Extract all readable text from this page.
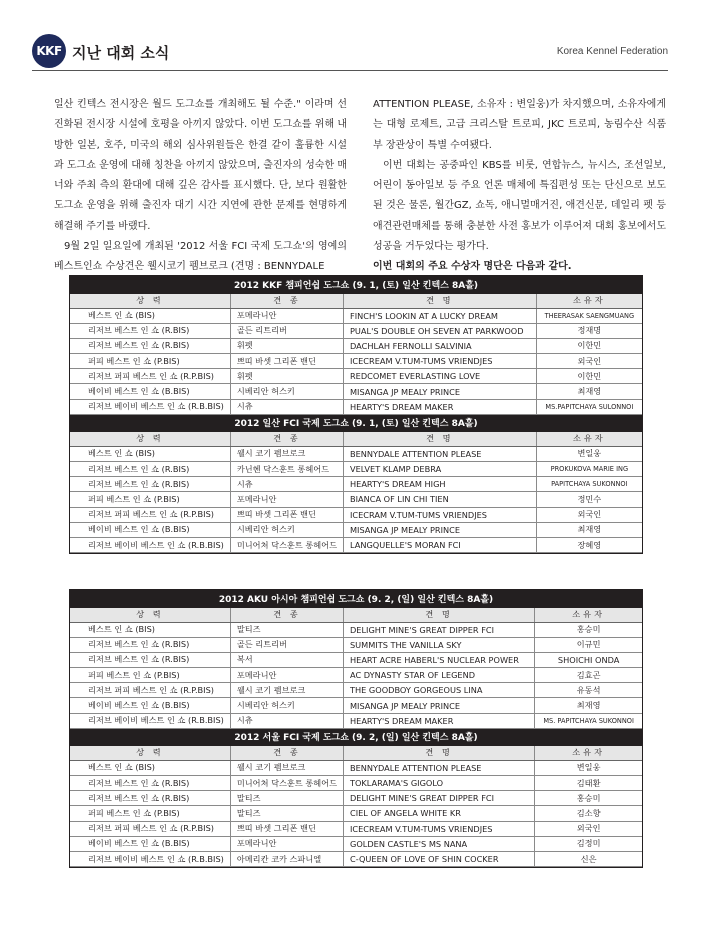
KKF 지난 대회 소식	Korea Kennel Federation

일산 킨텍스 전시장은 월드 도그쇼를 개최해도 될 수준." 이라며 선진화된 전시장 시설에 호평을 아끼지 않았다. 이번 도그쇼를 위해 내방한 일본, 호주, 미국의 해외 심사위원들은 한결 같이 훌륭한 시설과 도그쇼 운영에 대해 칭찬을 아끼지 않았으며, 출진자의 성숙한 매너와 주최 측의 환대에 대해 깊은 감사를 표시했다. 단, 보다 원활한 도그쇼 운영을 위해 출진자 대기 시간 지연에 관한 문제를 현명하게 해결해 주기를 바랬다.

9월 2일 일요일에 개최된 '2012 서울 FCI 국제 도그쇼'의 영예의 베스트인쇼 수상견은 웰시코기 펨브로크 (견명 : BENNYDALE

ATTENTION PLEASE, 소유자 : 변일웅)가 차지했으며, 소유자에게는 대형 로제트, 고급 크리스탈 트로피, JKC 트로피, 농림수산 식품부 장관상이 특별 수여됐다.

이번 대회는 공중파인 KBS를 비롯, 연합뉴스, 뉴시스, 조선일보, 어린이 동아일보 등 주요 언론 매체에 특집편성 또는 단신으로 보도된 것은 물론, 월간GZ, 쇼독, 애니멀매거진, 애견신문, 데일리 펫 등 애견관련매체를 통해 충분한 사전 홍보가 이루어져 대회 홍보에서도 성공을 거두었다는 평가다.

이번 대회의 주요 수상자 명단은 다음과 같다.

2012 KKF 챔피언쉽 도그쇼 (9. 1, (토) 일산 킨텍스 8A홀)			
상 력	견 종	견 명	소유자
베스트 인 쇼 (BIS)	포메라니안	FINCH'S LOOKIN AT A LUCKY DREAM	THEERASAK SAENGMUANG
리저브 베스트 인 쇼 (R.BIS)	골든 리트리버	PUAL'S DOUBLE OH SEVEN AT PARKWOOD	정재명
리저브 베스트 인 쇼 (R.BIS)	휘펫	DACHLAH FERNOLLI SALVINIA	이한민
퍼피 베스트 인 쇼 (P.BIS)	쁘띠 바셋 그리폰 밴딘	ICECREAM V.TUM-TUMS VRIENDJES	외국인
리저브 퍼피 베스트 인 쇼 (R.P.BIS)	휘펫	REDCOMET EVERLASTING LOVE	이한민
베이비 베스트 인 쇼 (B.BIS)	시베리안 허스키	MISANGA JP MEALY PRINCE	최재영
리저브 베이비 베스트 인 쇼 (R.B.BIS)	시츄	HEARTY'S DREAM MAKER	MS.PAPITCHAYA SULONNOI
2012 일산 FCI 국제 도그쇼 (9. 1, (토) 일산 킨텍스 8A홀)			
상 력	견 종	견 명	소유자
베스트 인 쇼 (BIS)	웰시 코기 펨브로크	BENNYDALE ATTENTION PLEASE	변일웅
리저브 베스트 인 쇼 (R.BIS)	카닌헨 닥스훈트 롱헤어드	VELVET KLAMP DEBRA	PROKUKOVA MARIE ING
리저브 베스트 인 쇼 (R.BIS)	시츄	HEARTY'S DREAM HIGH	PAPITCHAYA SUKONNOI
퍼피 베스트 인 쇼 (P.BIS)	포메라니안	BIANCA OF LIN CHI TIEN	정민수
리저브 퍼피 베스트 인 쇼 (R.P.BIS)	쁘띠 바셋 그리폰 밴딘	ICECRAM V.TUM-TUMS VRIENDJES	외국인
베이비 베스트 인 쇼 (B.BIS)	시베리안 허스키	MISANGA JP MEALY PRINCE	최재영
리저브 베이비 베스트 인 쇼 (R.B.BIS)	미니어쳐 닥스훈트 롱헤어드	LANGQUELLE'S MORAN FCI	장혜영
2012 AKU 아시아 챔피언쉽 도그쇼 (9. 2, (일) 일산 킨텍스 8A홀)			
상 력	견 종	견 명	소유자
베스트 인 쇼 (BIS)	말티즈	DELIGHT MINE'S GREAT DIPPER FCI	홍승미
리저브 베스트 인 쇼 (R.BIS)	골든 리트리버	SUMMITS THE VANILLA SKY	이규민
리저브 베스트 인 쇼 (R.BIS)	복서	HEART ACRE HABERL'S NUCLEAR POWER	SHOICHI ONDA
퍼피 베스트 인 쇼 (P.BIS)	포메라니안	AC DYNASTY STAR OF LEGEND	김효곤
리저브 퍼피 베스트 인 쇼 (R.P.BIS)	웰시 코기 펨브로크	THE GOODBOY GORGEOUS LINA	유동석
베이비 베스트 인 쇼 (B.BIS)	시베리안 허스키	MISANGA JP MEALY PRINCE	최재영
리저브 베이비 베스트 인 쇼 (R.B.BIS)	시츄	HEARTY'S DREAM MAKER	MS. PAPITCHAYA SUKONNOI
2012 서울 FCI 국제 도그쇼 (9. 2, (일) 일산 킨텍스 8A홀)			
상 력	견 종	견 명	소유자
베스트 인 쇼 (BIS)	웰시 코기 펨브로크	BENNYDALE ATTENTION PLEASE	변일웅
리저브 베스트 인 쇼 (R.BIS)	미니어쳐 닥스훈트 롱헤어드	TOKLARAMA'S GIGOLO	김태환
리저브 베스트 인 쇼 (R.BIS)	말티즈	DELIGHT MINE'S GREAT DIPPER FCI	홍승미
퍼피 베스트 인 쇼 (P.BIS)	말티즈	CIEL OF ANGELA WHITE KR	김소향
리저브 퍼피 베스트 인 쇼 (R.P.BIS)	쁘띠 바셋 그리폰 밴딘	ICECREAM V.TUM-TUMS VRIENDJES	외국인
베이비 베스트 인 쇼 (B.BIS)	포메라니안	GOLDEN CASTLE'S MS NANA	김정미
리저브 베이비 베스트 인 쇼 (R.B.BIS)	아메리칸 코카 스파니엘	C-QUEEN OF LOVE OF SHIN COCKER	신은
